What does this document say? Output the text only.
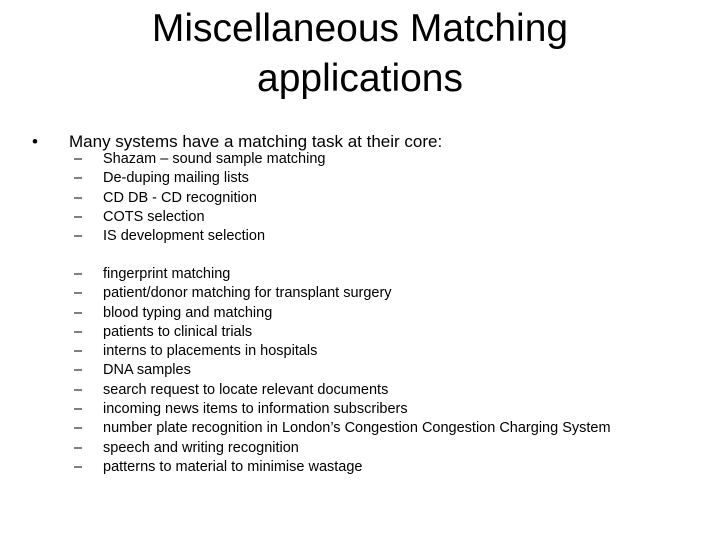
Miscellaneous Matching
applications
• Many systems have a matching task at their core:
– Shazam – sound sample matching
– De-duping mailing lists
– CD DB - CD recognition
– COTS selection
– IS development selection
– fingerprint matching
– patient/donor matching for transplant surgery
– blood typing and matching
– patients to clinical trials
– interns to placements in hospitals
– DNA samples
– search request to locate relevant documents
– incoming news items to information subscribers
– number plate recognition in London’s Congestion Congestion Charging System
– speech and writing recognition
– patterns to material to minimise wastage
